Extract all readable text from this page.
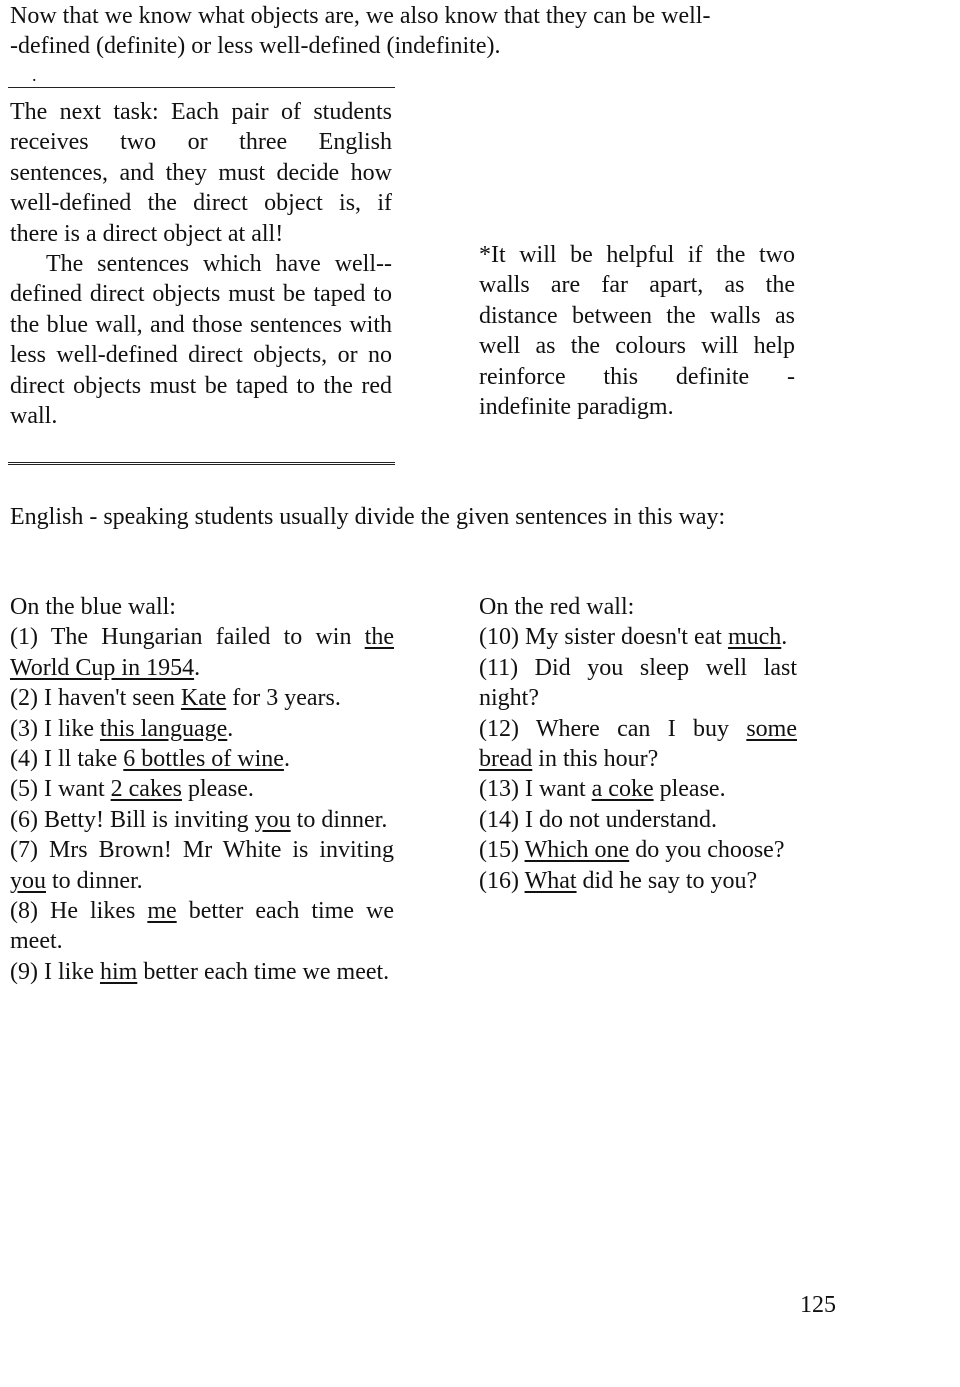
Now that we know what objects are, we also know that they can be well-

-defined (definite) or less well-defined (indefinite).

.

The next task: Each pair of students receives two or three English sentences, and they must decide how well-defined the direct object is, if there is a direct object at all!

The sentences which have well--defined direct objects must be taped to the blue wall, and those sentences with less well-defined direct objects, or no direct objects must be taped to the red wall.

*It will be helpful if the two walls are far apart, as the distance between the walls as well as the colours will help reinforce this definite - indefinite paradigm.

English - speaking students usually divide the given sentences in this way:

On the blue wall:

(1) The Hungarian failed to win the World Cup in 1954.
(2) I haven't seen Kate for 3 years.
(3) I like this language.
(4) I ll take 6 bottles of wine.
(5) I want 2 cakes please.
(6) Betty! Bill is inviting you to dinner.
(7) Mrs Brown! Mr White is inviting you to dinner.
(8) He likes me better each time we meet.
(9) I like him better each time we meet.

On the red wall:

(10) My sister doesn't eat much.
(11) Did you sleep well last night?
(12) Where can I buy some bread in this hour?
(13) I want a coke please.
(14) I do not understand.
(15) Which one do you choose?
(16) What did he say to you?
125
